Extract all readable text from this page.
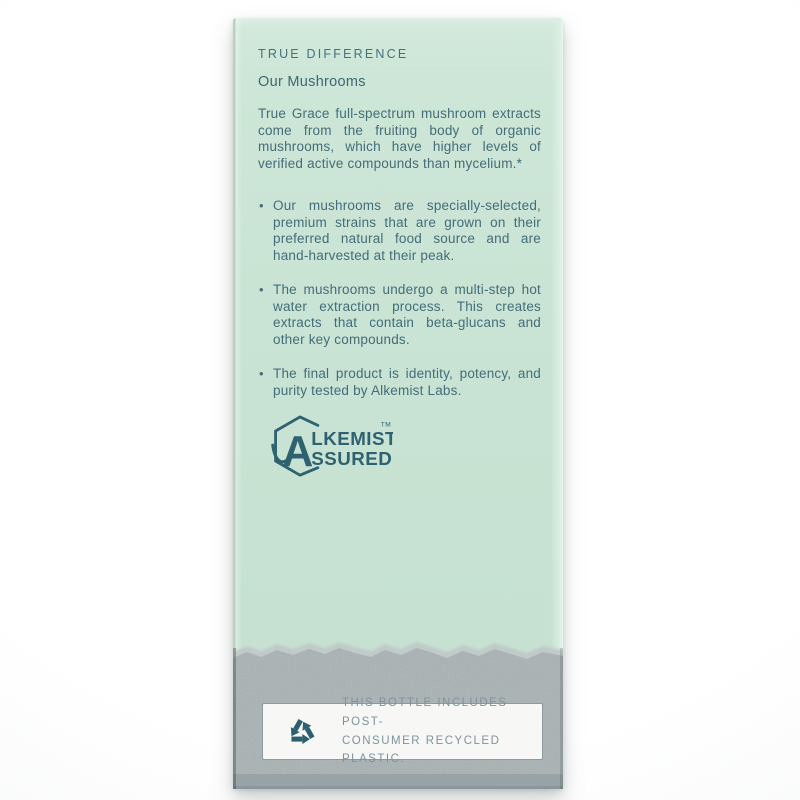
TRUE DIFFERENCE
Our Mushrooms

True Grace full-spectrum mushroom extracts come from the fruiting body of organic mushrooms, which have higher levels of verified active compounds than mycelium.*

• Our mushrooms are specially-selected, premium strains that are grown on their preferred natural food source and are hand-harvested at their peak.
• The mushrooms undergo a multi-step hot water extraction process. This creates extracts that contain beta-glucans and other key compounds.
• The final product is identity, potency, and purity tested by Alkemist Labs.
A
LKEMIST
SSURED
TM
THIS BOTTLE INCLUDES POST-
CONSUMER RECYCLED PLASTIC.
